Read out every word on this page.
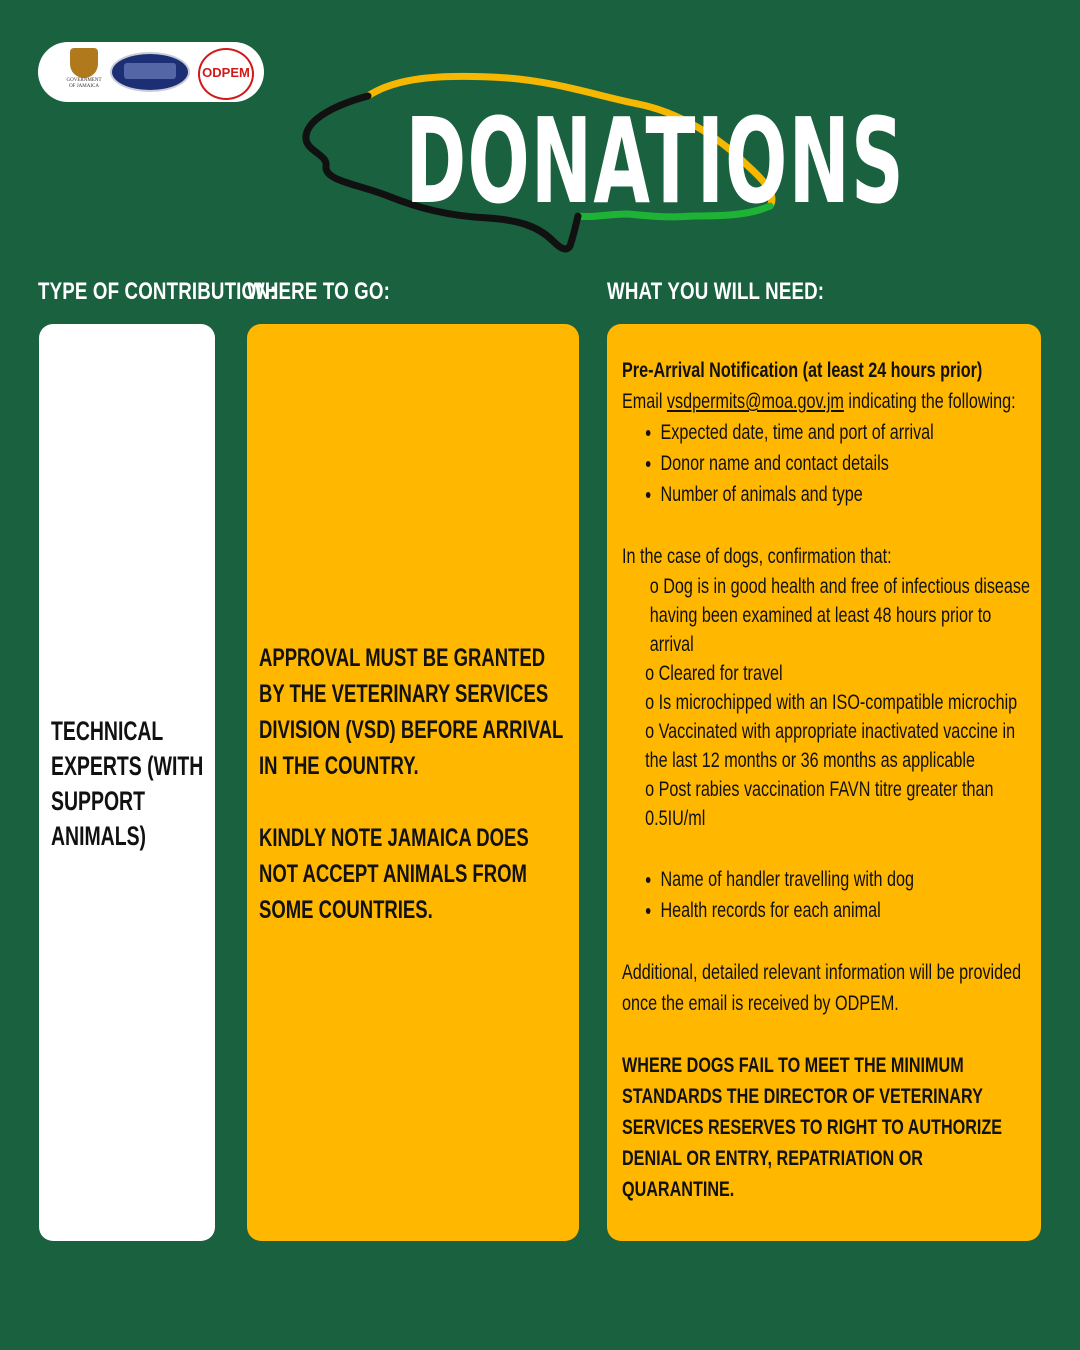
GOVERNMENT OF JAMAICA
ODPEM
DONATIONS
TYPE OF CONTRIBUTION:
WHERE TO GO:	WHAT YOU WILL NEED:
TECHNICAL EXPERTS (WITH SUPPORT ANIMALS)

APPROVAL MUST BE GRANTED BY THE VETERINARY SERVICES DIVISION (VSD) BEFORE ARRIVAL IN THE COUNTRY.

KINDLY NOTE JAMAICA DOES NOT ACCEPT ANIMALS FROM SOME COUNTRIES.

Pre-Arrival Notification (at least 24 hours prior)

Email vsdpermits@moa.gov.jm indicating the following:

• Expected date, time and port of arrival
• Donor name and contact details
• Number of animals and type

In the case of dogs, confirmation that:

o Dog is in good health and free of infectious disease having been examined at least 48 hours prior to arrival
o Cleared for travel
o Is microchipped with an ISO-compatible microchip
o Vaccinated with appropriate inactivated vaccine in the last 12 months or 36 months as applicable
o Post rabies vaccination FAVN titre greater than 0.5IU/ml
• Name of handler travelling with dog
• Health records for each animal

Additional, detailed relevant information will be provided once the email is received by ODPEM.

WHERE DOGS FAIL TO MEET THE MINIMUM STANDARDS THE DIRECTOR OF VETERINARY SERVICES RESERVES TO RIGHT TO AUTHORIZE DENIAL OR ENTRY, REPATRIATION OR QUARANTINE.
